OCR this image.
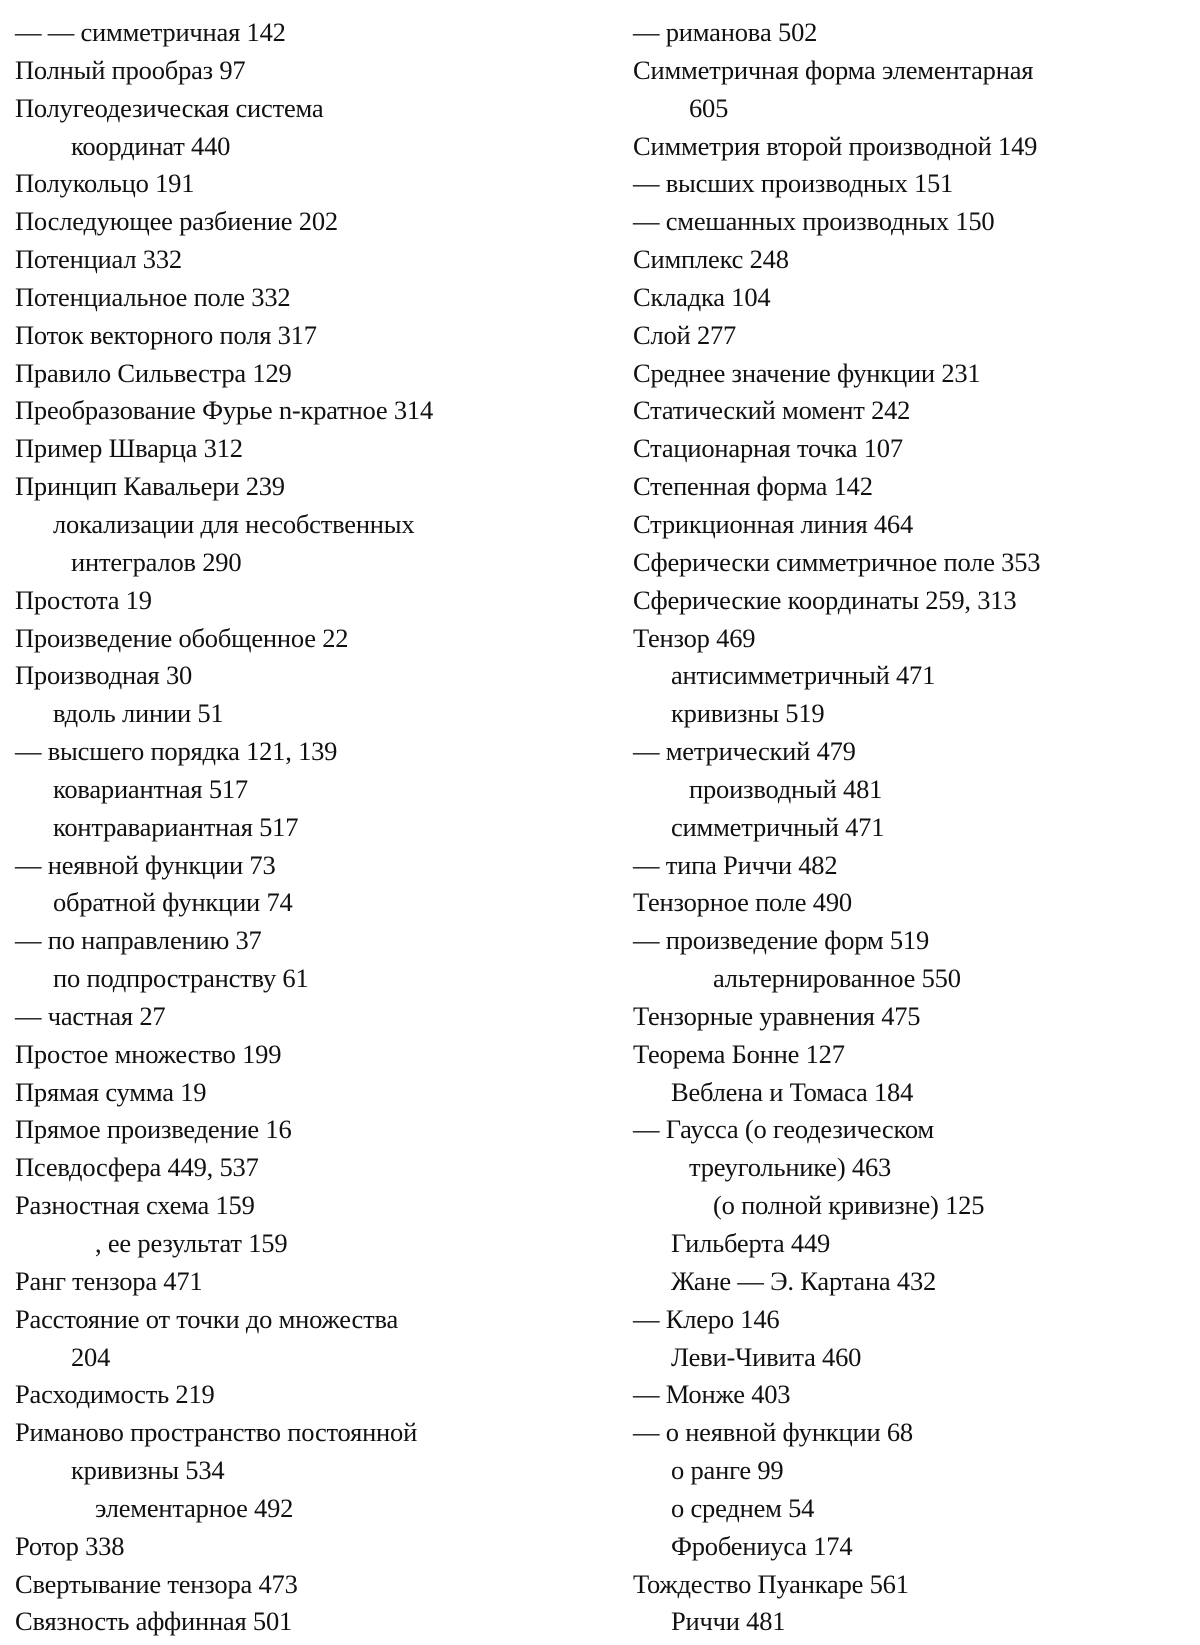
— — симметричная 142
Полный прообраз 97
Полугеодезическая система
координат 440
Полукольцо 191
Последующее разбиение 202
Потенциал 332
Потенциальное поле 332
Поток векторного поля 317
Правило Сильвестра 129
Преобразование Фурье n-кратное 314
Пример Шварца 312
Принцип Кавальери 239
локализации для несобственных
интегралов 290
Простота 19
Произведение обобщенное 22
Производная 30
вдоль линии 51
— высшего порядка 121, 139
ковариантная 517
контравариантная 517
— неявной функции 73
обратной функции 74
— по направлению 37
по подпространству 61
— частная 27
Простое множество 199
Прямая сумма 19
Прямое произведение 16
Псевдосфера 449, 537
Разностная схема 159
, ее результат 159
Ранг тензора 471
Расстояние от точки до множества
204
Расходимость 219
Риманово пространство постоянной
кривизны 534
элементарное 492
Ротор 338
Свертывание тензора 473
Связность аффинная 501
— римановa 502
Симметричная форма элементарная
605
Симметрия второй производной 149
— высших производных 151
— смешанных производных 150
Симплекс 248
Складка 104
Слой 277
Среднее значение функции 231
Статический момент 242
Стационарная точка 107
Степенная форма 142
Стрикционная линия 464
Сферически симметричное поле 353
Сферические координаты 259, 313
Тензор 469
антисимметричный 471
кривизны 519
— метрический 479
производный 481
симметричный 471
— типа Риччи 482
Тензорное поле 490
— произведение форм 519
альтернированное 550
Тензорные уравнения 475
Теорема Бонне 127
Веблена и Томаса 184
— Гаусса (о геодезическом
треугольнике) 463
(о полной кривизне) 125
Гильберта 449
Жане — Э. Картана 432
— Клеро 146
Леви-Чивита 460
— Монже 403
— о неявной функции 68
о ранге 99
о среднем 54
Фробениуса 174
Тождество Пуанкаре 561
Риччи 481
